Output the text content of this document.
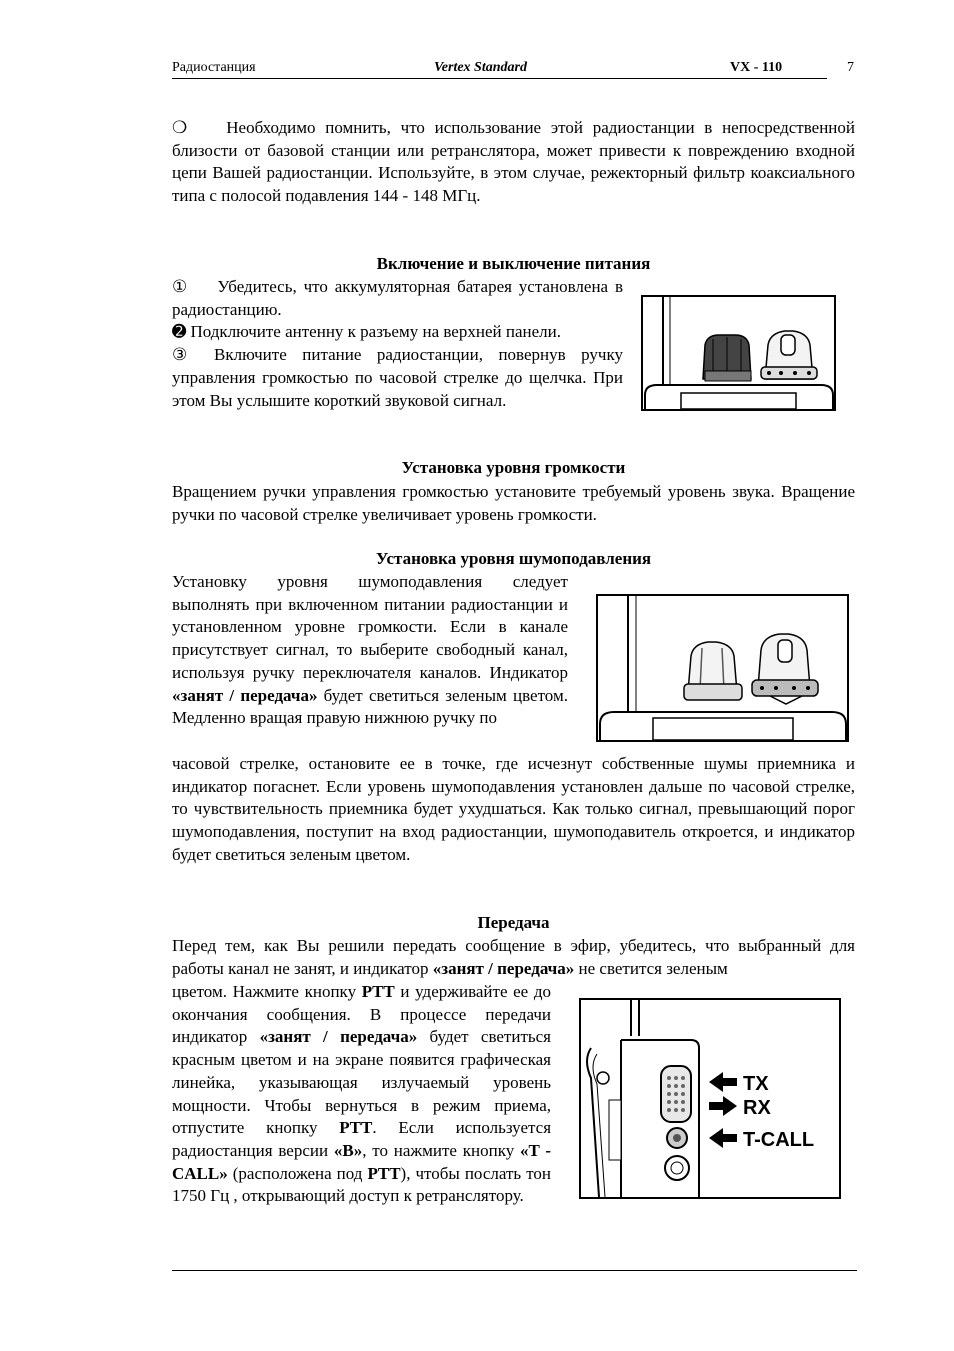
Радиостанция	Vertex Standard	VX - 110	7

❍ Необходимо помнить, что использование этой радиостанции в непосредственной близости от базовой станции или ретранслятора, может привести к повреждению входной цепи Вашей радиостанции. Используйте, в этом случае, режекторный фильтр коаксиального типа с полосой подавления 144 - 148 МГц.

Включение и выключение питания

① Убедитесь, что аккумуляторная батарея установлена в радиостанцию.

➋ Подключите антенну к разъему на верхней панели.

③ Включите питание радиостанции, повернув ручку управления громкостью по часовой стрелке до щелчка. При этом Вы услышите короткий звуковой сигнал.

Установка уровня громкости
Вращением ручки управления громкостью установите требуемый уровень звука. Вращение ручки по часовой стрелке увеличивает уровень громкости.
Установка уровня шумоподавления

Установку уровня шумоподавления следует выполнять при включенном питании радиостанции и установленном уровне громкости. Если в канале присутствует сигнал, то выберите свободный канал, используя ручку переключателя каналов. Индикатор «занят / передача» будет светиться зеленым цветом. Медленно вращая правую нижнюю ручку по

часовой стрелке, остановите ее в точке, где исчезнут собственные шумы приемника и индикатор погаснет. Если уровень шумоподавления установлен дальше по часовой стрелке, то чувствительность приемника будет ухудшаться. Как только сигнал, превышающий порог шумоподавления, поступит на вход радиостанции, шумоподавитель откроется, и индикатор будет светиться зеленым цветом.
Передача

Перед тем, как Вы решили передать сообщение в эфир, убедитесь, что выбранный для работы канал не занят, и индикатор «занят / передача» не светится зеленым

цветом. Нажмите кнопку PTT и удерживайте ее до окончания сообщения. В процессе передачи индикатор «занят / передача» будет светиться красным цветом и на экране появится графическая линейка, указывающая излучаемый уровень мощности. Чтобы вернуться в режим приема, отпустите кнопку PTT. Если используется радиостанция версии «B», то нажмите кнопку «T - CALL» (расположена под PTT), чтобы послать тон 1750 Гц , открывающий доступ к ретранслятору.

TX
RX
T-CALL
